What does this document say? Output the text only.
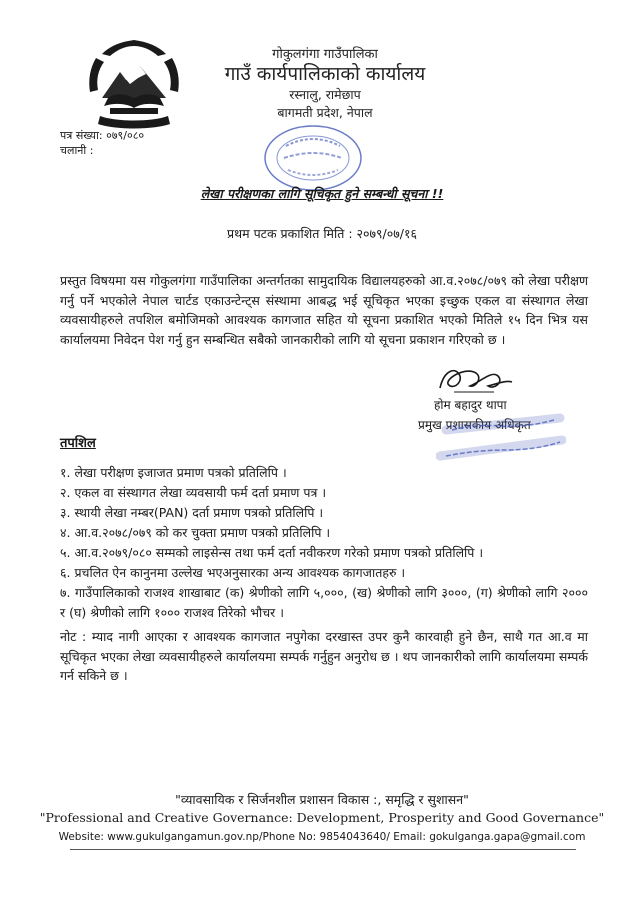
गोकुलगंगा गाउँपालिका
गाउँ कार्यपालिकाको कार्यालय
रस्नालु, रामेछाप
बागमती प्रदेश, नेपाल
पत्र संख्या: ०७९/०८०
चलानी :
लेखा परीक्षणका लागि सूचिकृत हुने सम्बन्धी सूचना !!
प्रथम पटक प्रकाशित मिति : २०७९/०७/१६
प्रस्तुत विषयमा यस गोकुलगंगा गाउँपालिका अन्तर्गतका सामुदायिक विद्यालयहरुको आ.व.२०७८/०७९ को लेखा परीक्षण गर्नु पर्ने भएकोले नेपाल चार्टड एकाउन्टेन्ट्स संस्थामा आबद्ध भई सूचिकृत भएका इच्छुक एकल वा संस्थागत लेखा व्यवसायीहरुले तपशिल बमोजिमको आवश्यक कागजात सहित यो सूचना प्रकाशित भएको मितिले १५ दिन भित्र यस कार्यालयमा निवेदन पेश गर्नु हुन सम्बन्धित सबैको जानकारीको लागि यो सूचना प्रकाशन गरिएको छ ।
होम बहादुर थापा
प्रमुख प्रशासकीय अधिकृत
तपशिल
१. लेखा परीक्षण इजाजत प्रमाण पत्रको प्रतिलिपि ।
२. एकल वा संस्थागत लेखा व्यवसायी फर्म दर्ता प्रमाण पत्र ।
३. स्थायी लेखा नम्बर(PAN) दर्ता प्रमाण पत्रको प्रतिलिपि ।
४. आ.व.२०७८/०७९ को कर चुक्ता प्रमाण पत्रको प्रतिलिपि ।
५. आ.व.२०७९/०८० सम्मको लाइसेन्स तथा फर्म दर्ता नवीकरण गरेको प्रमाण पत्रको प्रतिलिपि ।
६. प्रचलित ऐन कानुनमा उल्लेख भएअनुसारका अन्य आवश्यक कागजातहरु ।
७. गाउँपालिकाको राजश्व शाखाबाट (क) श्रेणीको लागि ५,०००, (ख) श्रेणीको लागि ३०००, (ग) श्रेणीको लागि २००० र (घ) श्रेणीको लागि १००० राजश्व तिरेको भौचर ।
नोट : म्याद नागी आएका र आवश्यक कागजात नपुगेका दरखास्त उपर कुनै कारवाही हुने छैन, साथै गत आ.व मा सूचिकृत भएका लेखा व्यवसायीहरुले कार्यालयमा सम्पर्क गर्नुहुन अनुरोध छ । थप जानकारीको लागि कार्यालयमा सम्पर्क गर्न सकिने छ ।
"व्यावसायिक र सिर्जनशील प्रशासन विकास :, समृद्धि र सुशासन"
"Professional and Creative Governance: Development, Prosperity and Good Governance"
Website: www.gukulgangamun.gov.np/Phone No: 9854043640/ Email: gokulganga.gapa@gmail.com
